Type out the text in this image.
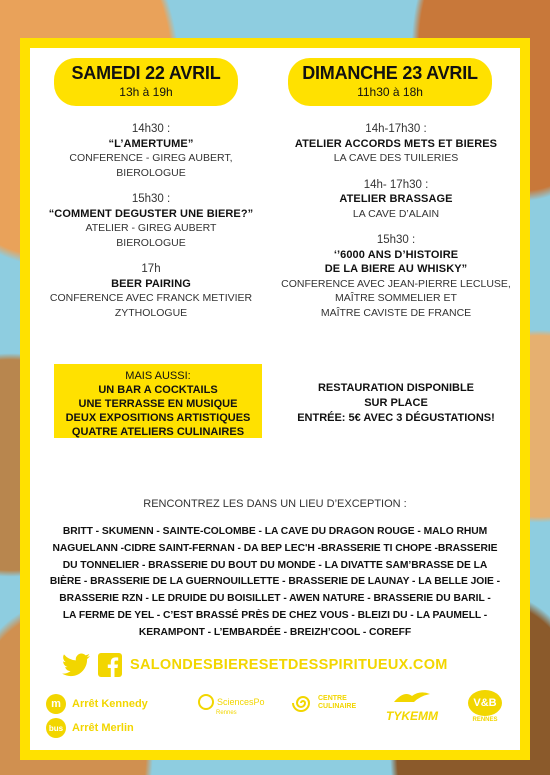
SAMEDI 22 AVRIL
13h à 19h
DIMANCHE 23 AVRIL
11h30 à 18h
14h30 :
“L’AMERTUME”
CONFERENCE - GIREG AUBERT,
BIEROLOGUE
15h30 :
“COMMENT DEGUSTER UNE BIERE?”
ATELIER - GIREG AUBERT
BIEROLOGUE
17h
BEER PAIRING
CONFERENCE AVEC FRANCK METIVIER
ZYTHOLOGUE
14h-17h30 :
ATELIER ACCORDS METS ET BIERES
LA CAVE DES TUILERIES
14h- 17h30 :
ATELIER BRASSAGE
LA CAVE D’ALAIN
15h30 :
‘’6000 ANS D’HISTOIRE
DE LA BIERE AU WHISKY”
CONFERENCE AVEC JEAN-PIERRE LECLUSE,
MAÎTRE SOMMELIER ET
MAÎTRE CAVISTE DE FRANCE
MAIS AUSSI:
UN BAR A COCKTAILS
UNE TERRASSE EN MUSIQUE
DEUX EXPOSITIONS ARTISTIQUES
QUATRE ATELIERS CULINAIRES
RESTAURATION DISPONIBLE
SUR PLACE
ENTRÉE: 5€ AVEC 3 DÉGUSTATIONS!
RENCONTREZ LES DANS UN LIEU D’EXCEPTION :
BRITT - SKUMENN - SAINTE-COLOMBE - LA CAVE DU DRAGON ROUGE - MALO RHUM
NAGUELANN -CIDRE SAINT-FERNAN - DA BEP LEC'H -BRASSERIE TI CHOPE -BRASSERIE
DU TONNELIER - BRASSERIE DU BOUT DU MONDE - LA DIVATTE SAM’BRASSE DE LA
BIÈRE - BRASSERIE DE LA GUERNOUILLETTE - BRASSERIE DE LAUNAY - LA BELLE JOIE -
BRASSERIE RZN - LE DRUIDE DU BOISILLET - AWEN NATURE - BRASSERIE DU BARIL -
LA FERME DE YEL - C’EST BRASSÉ PRÈS DE CHEZ VOUS - BLEIZI DU - LA PAUMELL -
KERAMPONT - L’EMBARDÉE - BREIZH’COOL - COREFF
SALONDESBIERESETDESSPIRITUEUX.COM
m	Arrêt Kennedy
bus Arrêt Merlin
SciencesPo
Rennes
CENTRE
CULINAIRE
TYKEMM
V&B
RENNES
